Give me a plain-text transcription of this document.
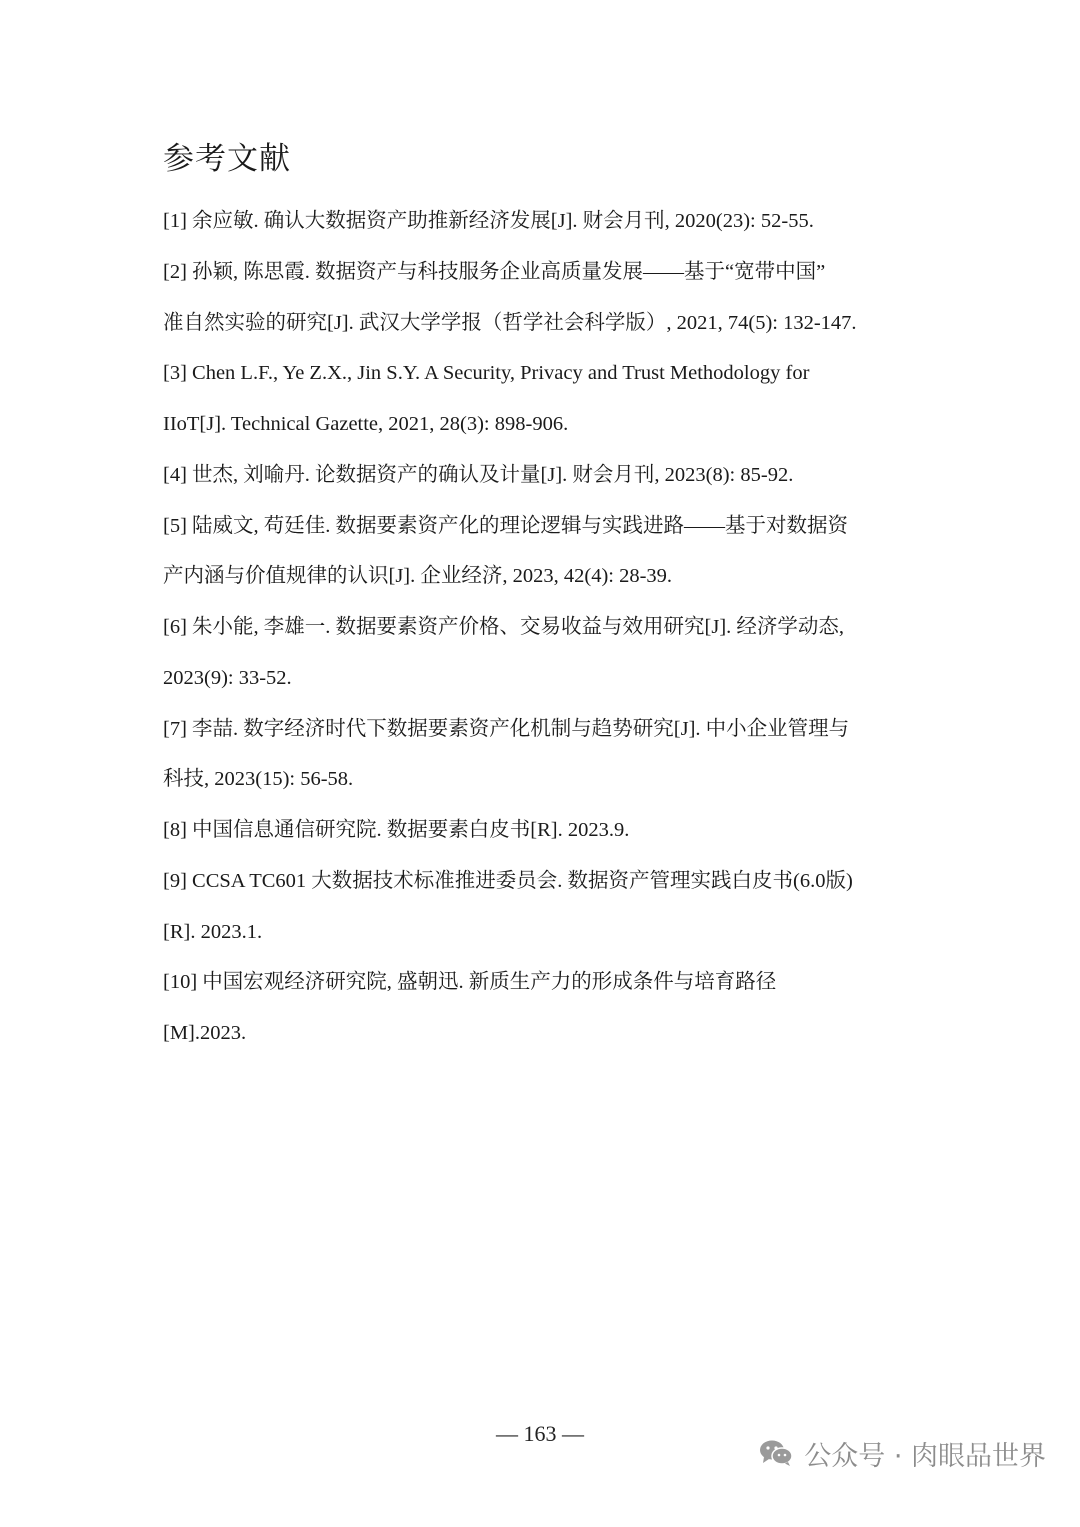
参考文献
[1] 余应敏. 确认大数据资产助推新经济发展[J]. 财会月刊, 2020(23): 52-55.
[2] 孙颖, 陈思霞. 数据资产与科技服务企业高质量发展——基于“宽带中国”
准自然实验的研究[J]. 武汉大学学报（哲学社会科学版）, 2021, 74(5): 132-147.
[3] Chen L.F., Ye Z.X., Jin S.Y. A Security, Privacy and Trust Methodology for
IIoT[J]. Technical Gazette, 2021, 28(3): 898-906.
[4] 世杰, 刘喻丹. 论数据资产的确认及计量[J]. 财会月刊, 2023(8): 85-92.
[5] 陆威文, 苟廷佳. 数据要素资产化的理论逻辑与实践进路——基于对数据资
产内涵与价值规律的认识[J]. 企业经济, 2023, 42(4): 28-39.
[6] 朱小能, 李雄一. 数据要素资产价格、交易收益与效用研究[J]. 经济学动态,
2023(9): 33-52.
[7] 李喆. 数字经济时代下数据要素资产化机制与趋势研究[J]. 中小企业管理与
科技, 2023(15): 56-58.
[8] 中国信息通信研究院. 数据要素白皮书[R]. 2023.9.
[9] CCSA TC601 大数据技术标准推进委员会. 数据资产管理实践白皮书(6.0版)
[R]. 2023.1.
[10] 中国宏观经济研究院, 盛朝迅. 新质生产力的形成条件与培育路径
[M].2023.
— 163 —
公众号 · 肉眼品世界
